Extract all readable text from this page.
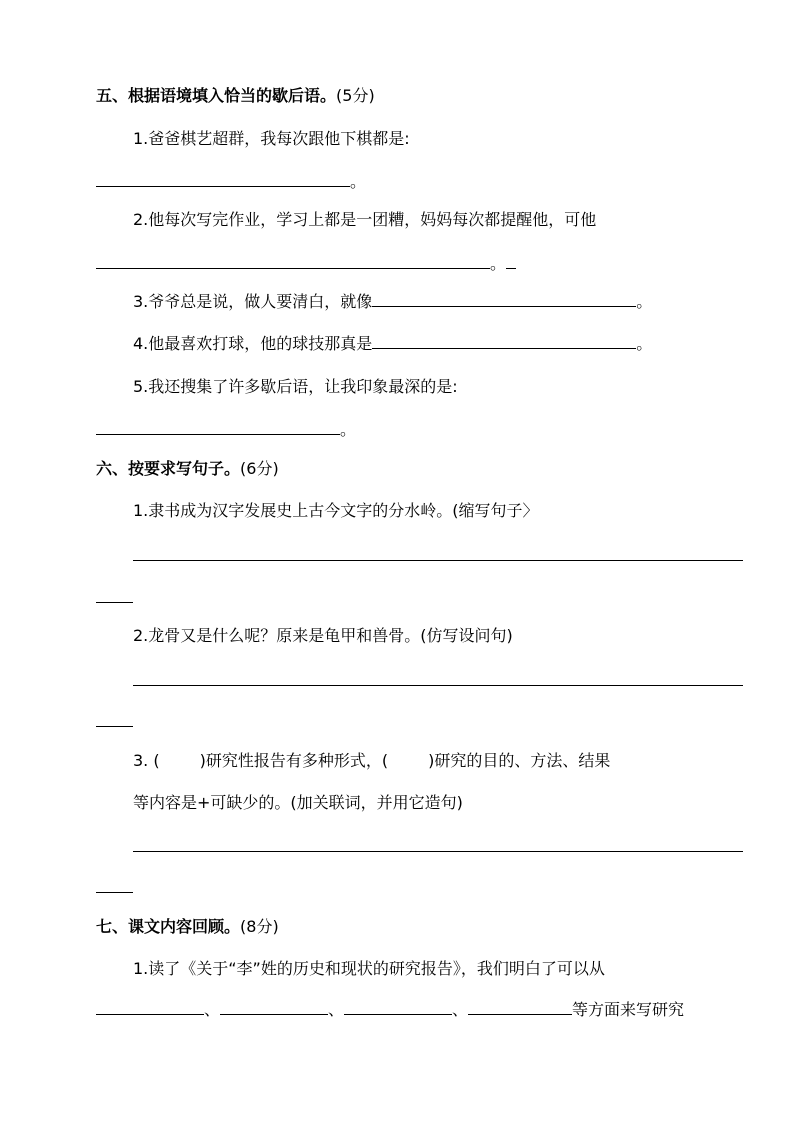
五、根据语境填入恰当的歇后语。(5分)
1.爸爸棋艺超群，我每次跟他下棋都是:
。
2.他每次写完作业，学习上都是一团糟，妈妈每次都提醒他，可他
。
3.爷爷总是说，做人要清白，就像	。
4.他最喜欢打球，他的球技那真是	。
5.我还搜集了许多歇后语，让我印象最深的是:
。
六、按要求写句子。(6分)
1.隶书成为汉字发展史上古今文字的分水岭。(缩写句子〉
2.龙骨又是什么呢？原来是龟甲和兽骨。(仿写设问句)
3. (	)研究性报告有多种形式，(	)研究的目的、方法、结果
等内容是+可缺少的。(加关联词，并用它造句)
七、课文内容回顾。(8分)
1.读了《关于“李”姓的历史和现状的研究报告》，我们明白了可以从
、	、	、	等方面来写研究
